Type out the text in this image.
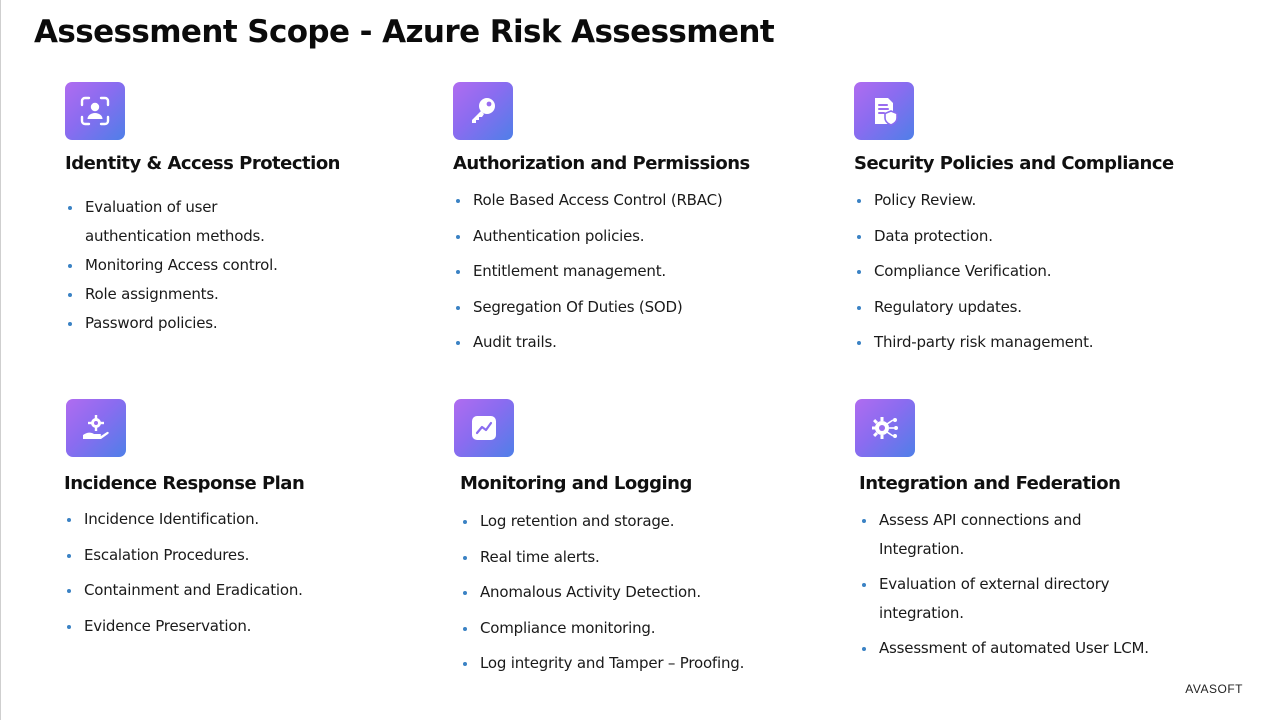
Assessment Scope - Azure Risk Assessment
Identity & Access Protection
Evaluation of user
authentication methods.
Monitoring Access control.
Role assignments.
Password policies.
Authorization and Permissions
Role Based Access Control (RBAC)
Authentication policies.
Entitlement management.
Segregation Of Duties (SOD)
Audit trails.
Security Policies and Compliance
Policy Review.
Data protection.
Compliance Verification.
Regulatory updates.
Third-party risk management.
Incidence Response Plan
Incidence Identification.
Escalation Procedures.
Containment and Eradication.
Evidence Preservation.
Monitoring and Logging
Log retention and storage.
Real time alerts.
Anomalous Activity Detection.
Compliance monitoring.
Log integrity and Tamper – Proofing.
Integration and Federation
Assess API connections and
Integration.
Evaluation of external directory
integration.
Assessment of automated User LCM.
AVASOFT
